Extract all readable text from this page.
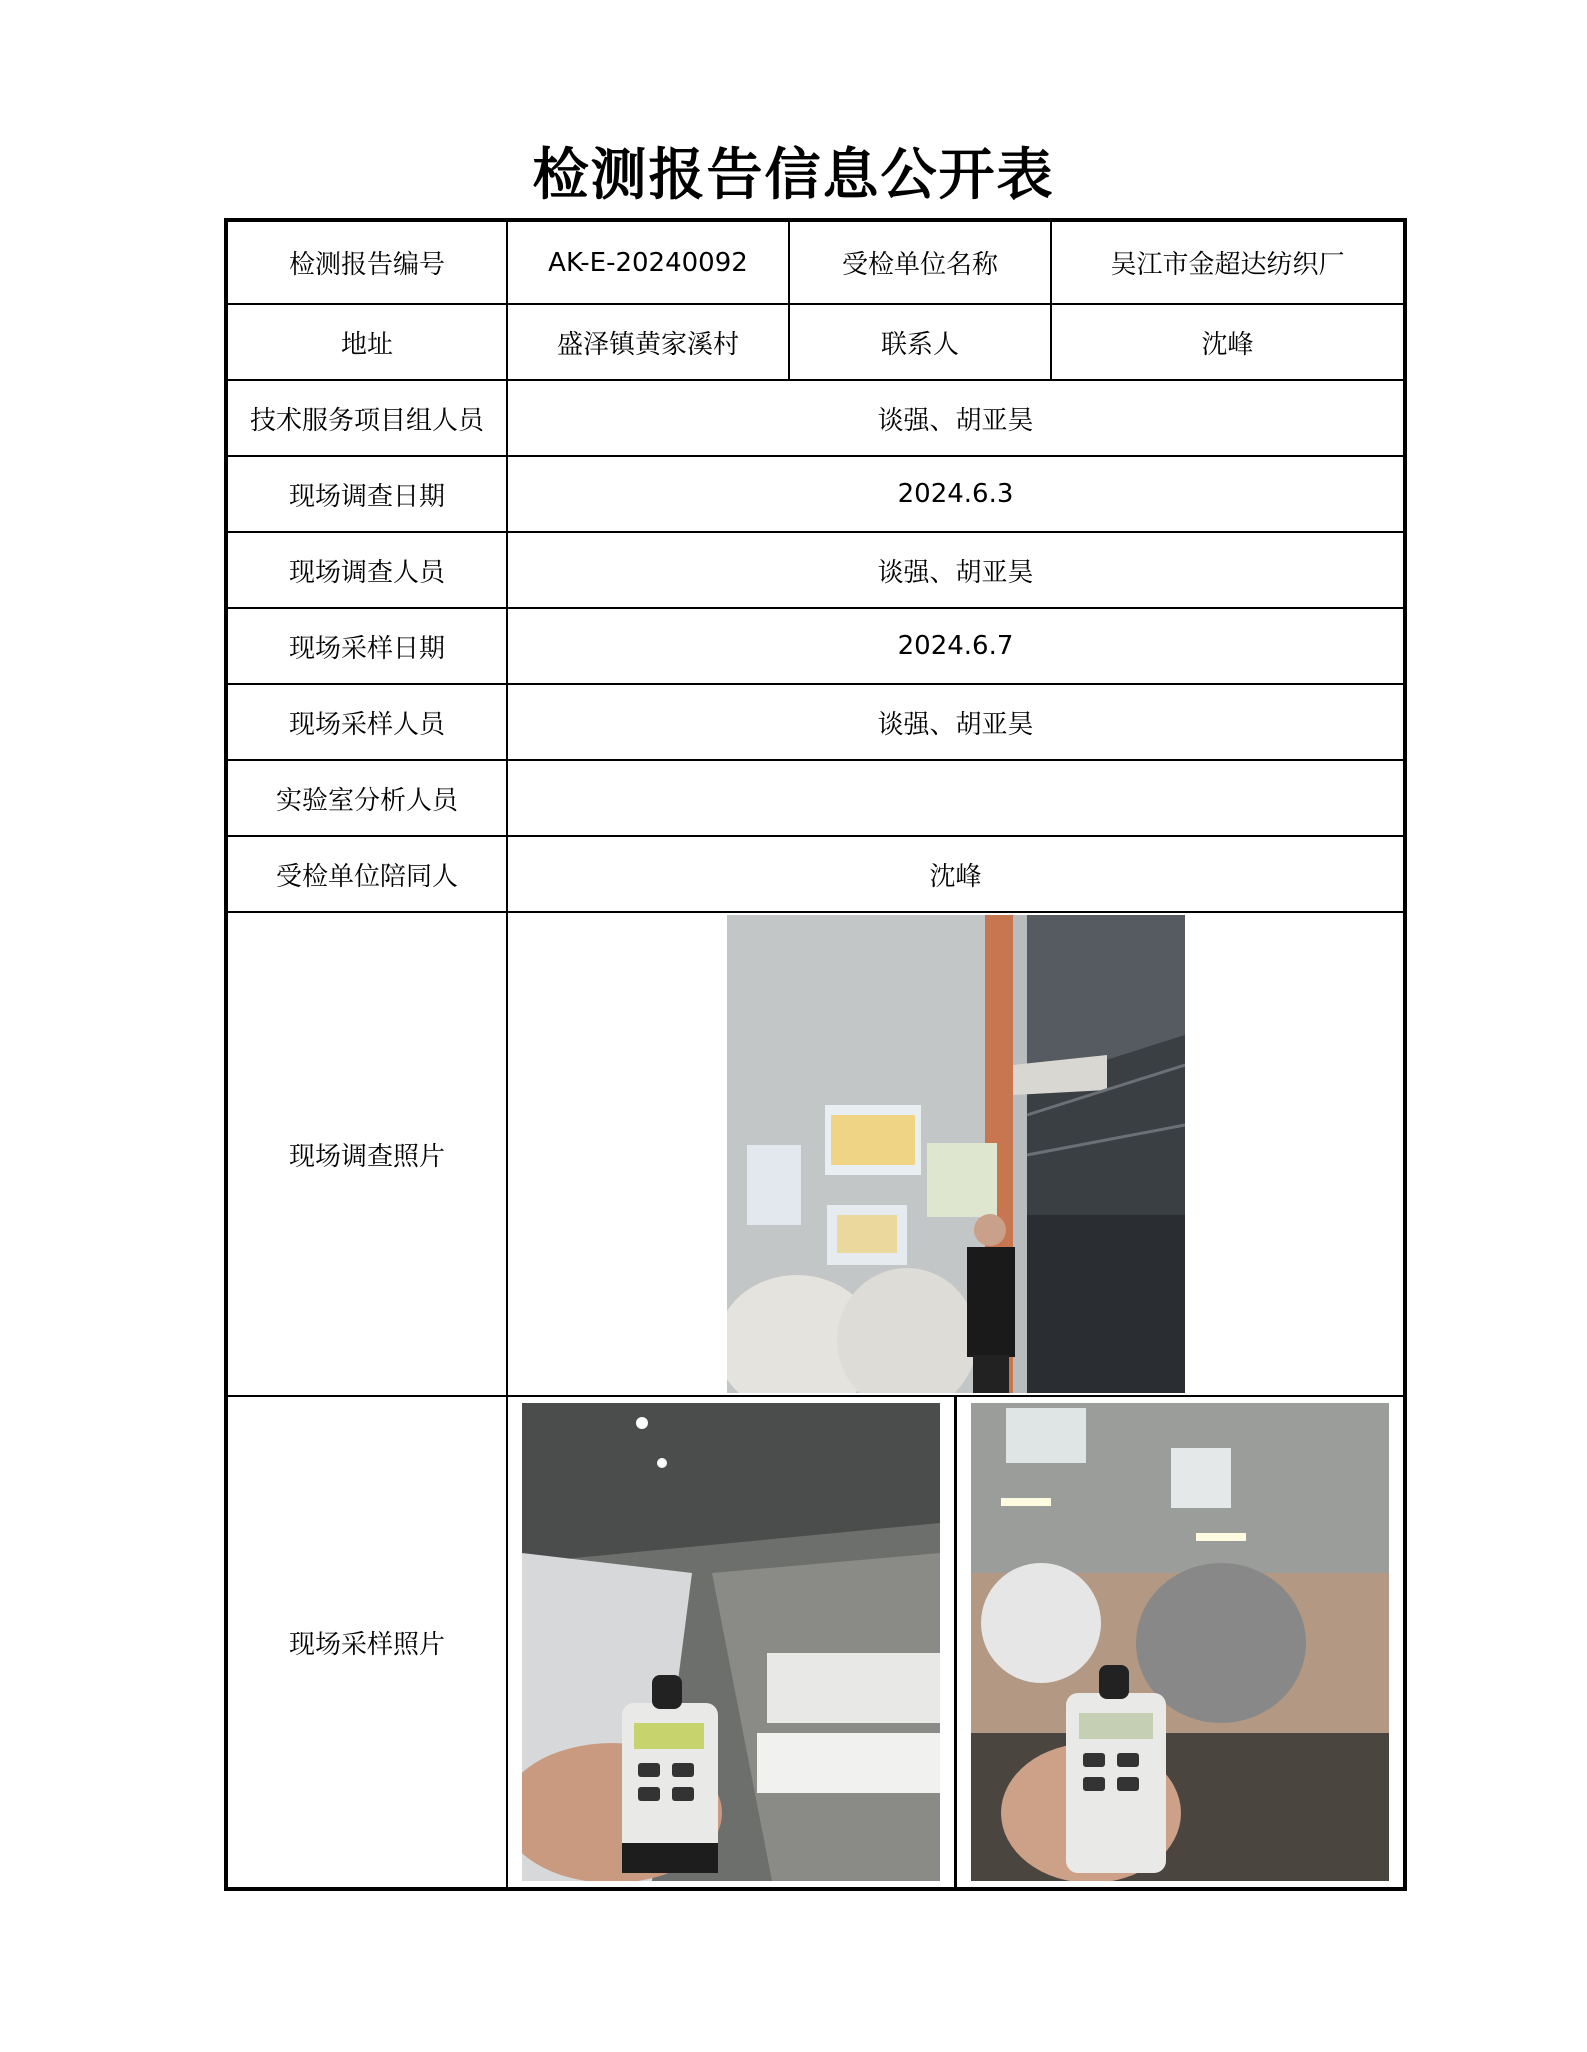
检测报告信息公开表
检测报告编号	AK-E-20240092	受检单位名称	吴江市金超达纺织厂
地址	盛泽镇黄家溪村	联系人	沈峰
技术服务项目组人员	谈强、胡亚昊		
现场调查日期	2024.6.3		
现场调查人员	谈强、胡亚昊		
现场采样日期	2024.6.7		
现场采样人员	谈强、胡亚昊		
实验室分析人员			
受检单位陪同人	沈峰		
现场调查照片	

现场采样照片	
